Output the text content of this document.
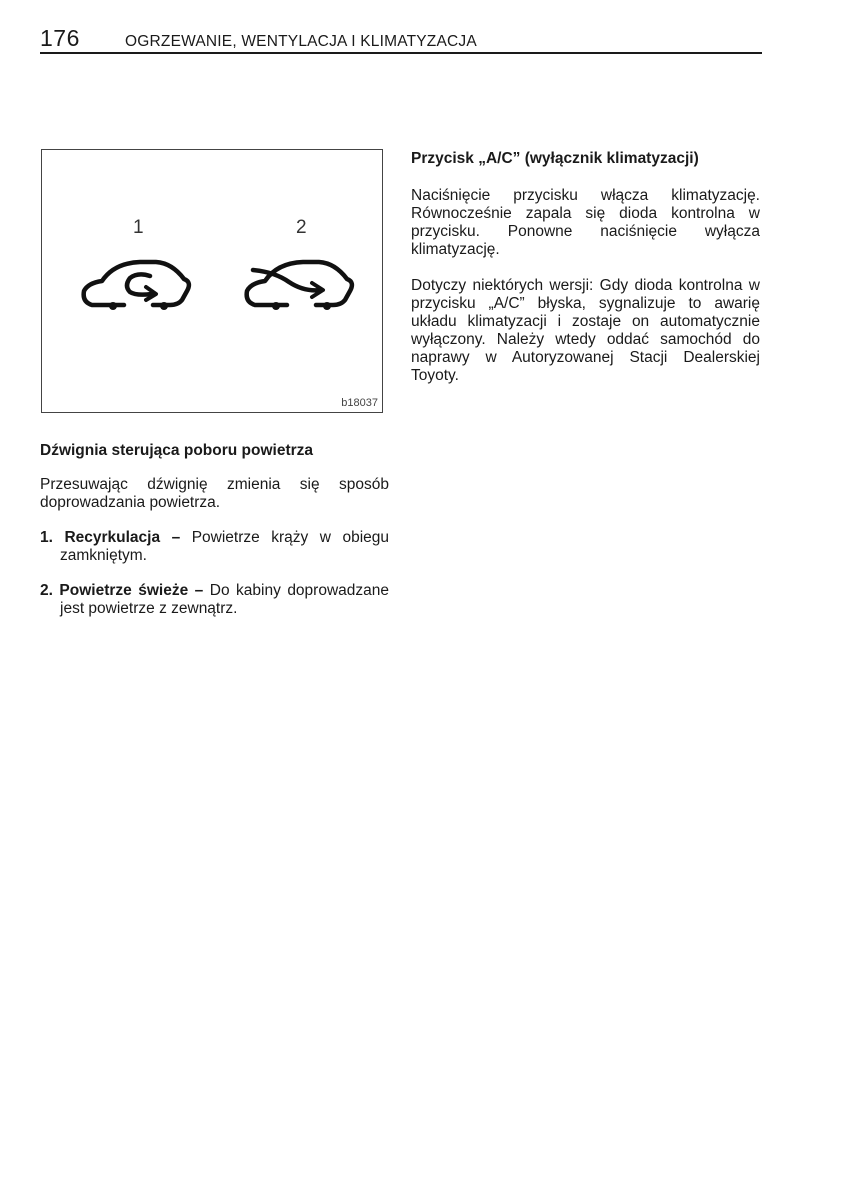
176	OGRZEWANIE, WENTYLACJA I KLIMATYZACJA
1	2
b18037

Dźwignia sterująca poboru powietrza

Przesuwając dźwignię zmienia się sposób doprowadzania powietrza.

1. Recyrkulacja – Powietrze krąży w obiegu zamkniętym.

2. Powietrze świeże – Do kabiny doprowadzane jest powietrze z zewnątrz.

Przycisk „A/C” (wyłącznik klimatyzacji)

Naciśnięcie przycisku włącza klimatyzację. Równocześnie zapala się dioda kontrolna w przycisku. Ponowne naciśnięcie wyłącza klimatyzację.

Dotyczy niektórych wersji: Gdy dioda kontrolna w przycisku „A/C” błyska, sygnalizuje to awarię układu klimatyzacji i zostaje on automatycznie wyłączony. Należy wtedy oddać samochód do naprawy w Autoryzowanej Stacji Dealerskiej Toyoty.
